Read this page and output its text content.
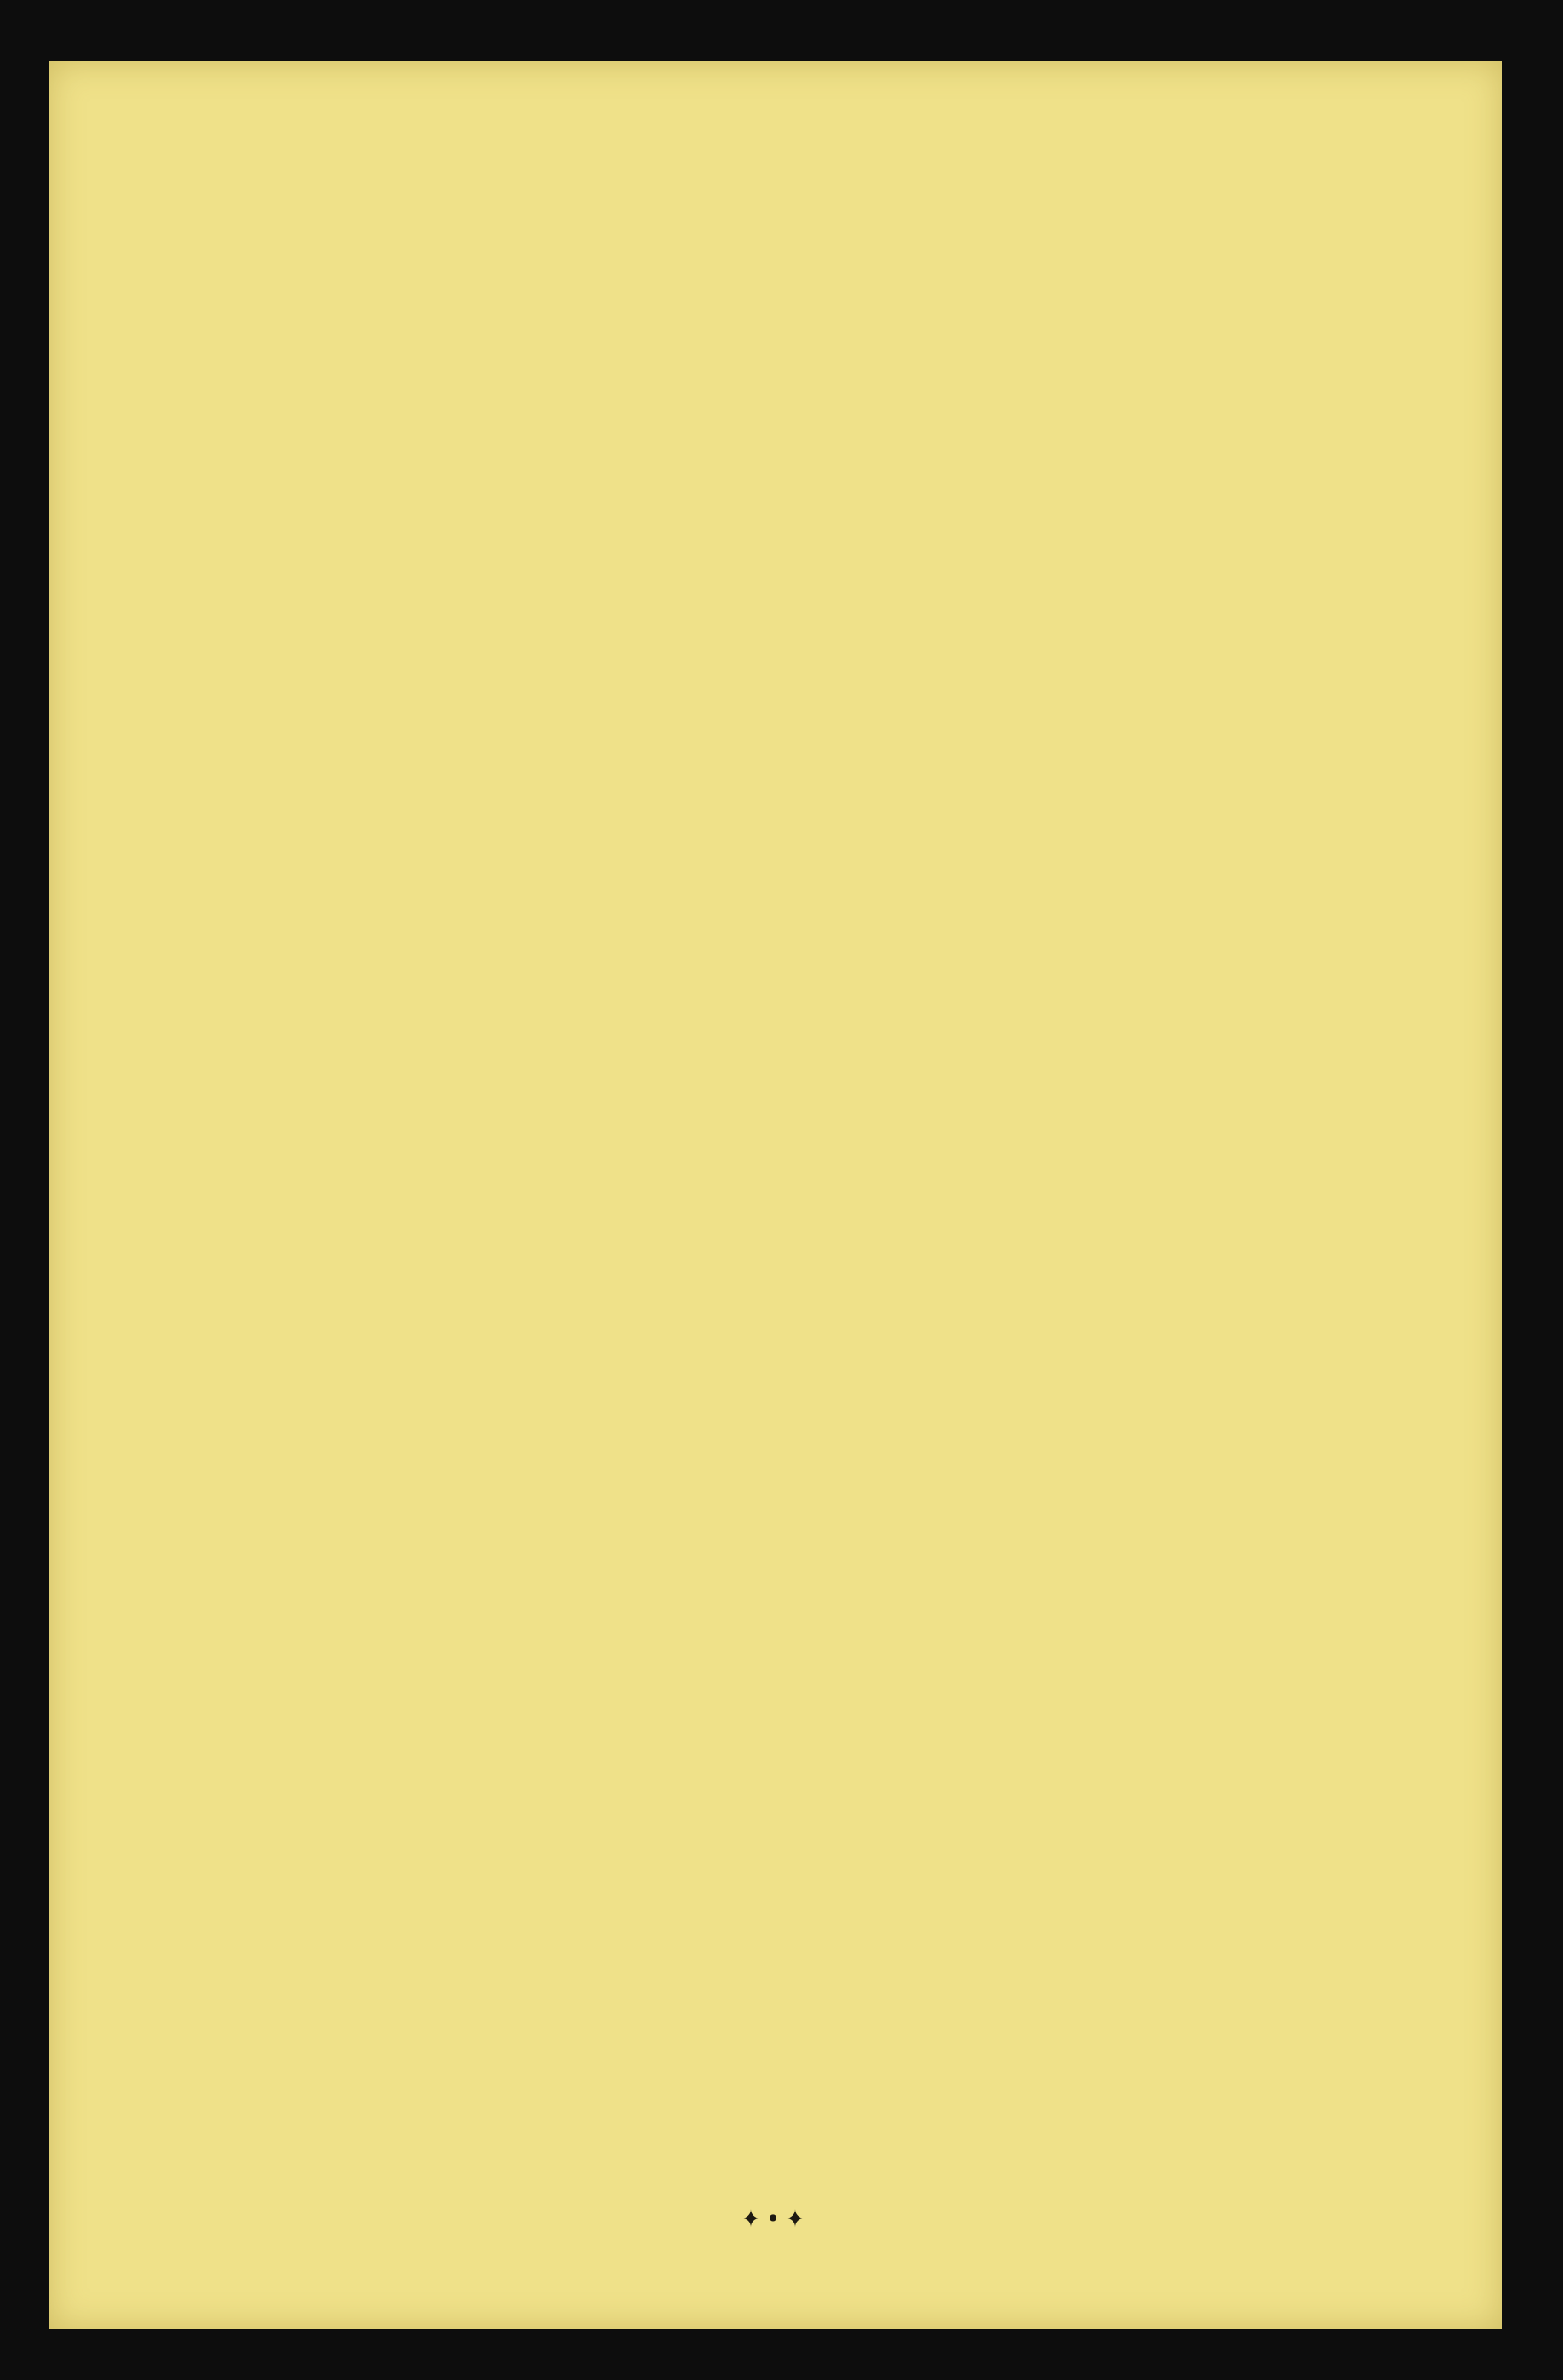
✦•✦
